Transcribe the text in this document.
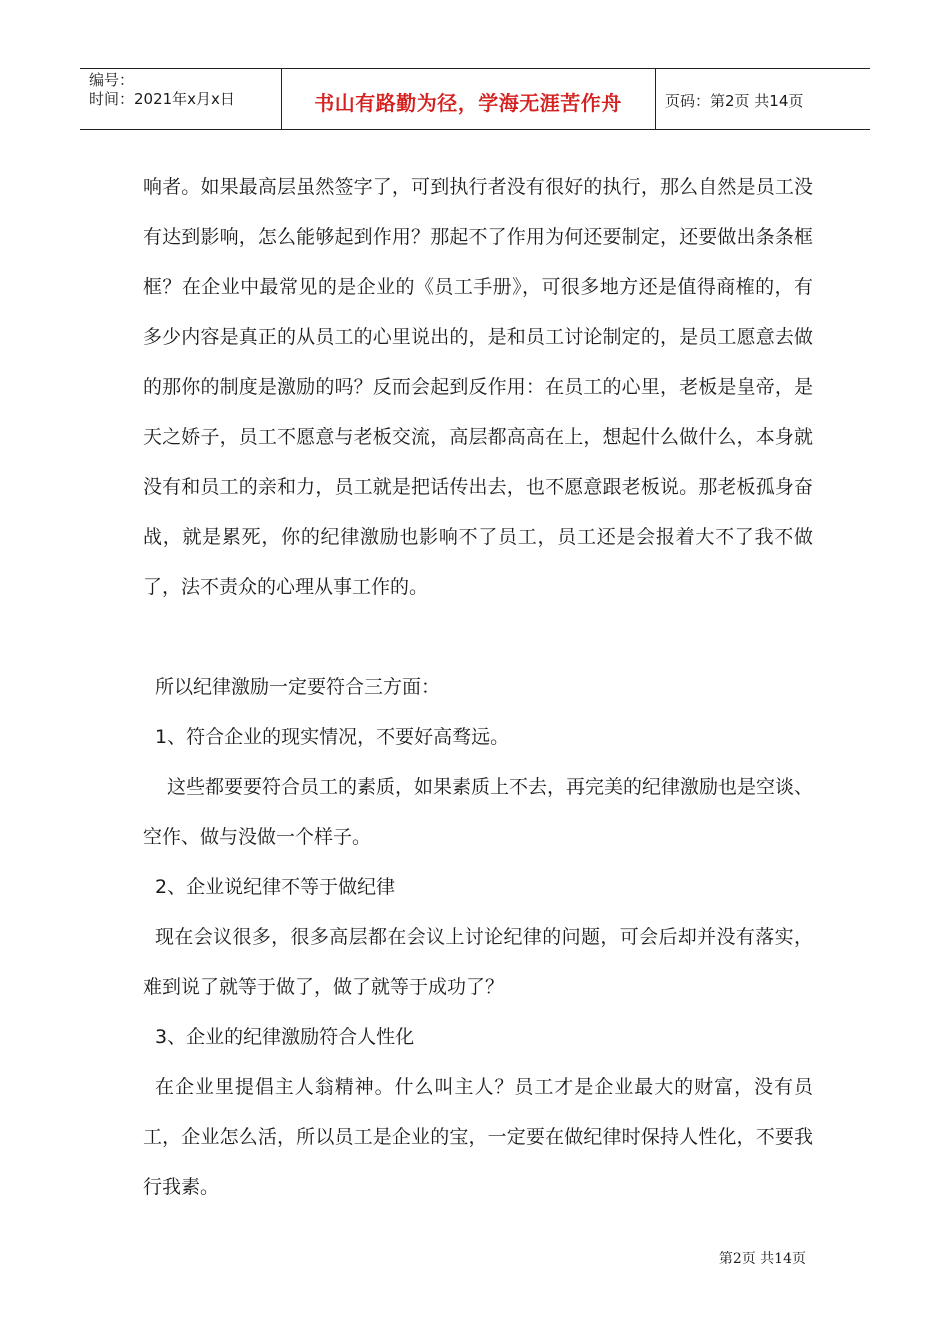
编号：
时间：2021年x月x日	书山有路勤为径，学海无涯苦作舟	页码：第2页 共14页

响者。如果最高层虽然签字了，可到执行者没有很好的执行，那么自然是员工没有达到影响，怎么能够起到作用？那起不了作用为何还要制定，还要做出条条框框？在企业中最常见的是企业的《员工手册》，可很多地方还是值得商榷的，有多少内容是真正的从员工的心里说出的，是和员工讨论制定的，是员工愿意去做的那你的制度是激励的吗？反而会起到反作用：在员工的心里，老板是皇帝，是天之娇子，员工不愿意与老板交流，高层都高高在上，想起什么做什么，本身就没有和员工的亲和力，员工就是把话传出去，也不愿意跟老板说。那老板孤身奋战，就是累死，你的纪律激励也影响不了员工，员工还是会报着大不了我不做了，法不责众的心理从事工作的。

所以纪律激励一定要符合三方面：

1、符合企业的现实情况，不要好高骛远。

这些都要要符合员工的素质，如果素质上不去，再完美的纪律激励也是空谈、空作、做与没做一个样子。

2、企业说纪律不等于做纪律

现在会议很多，很多高层都在会议上讨论纪律的问题，可会后却并没有落实，难到说了就等于做了，做了就等于成功了？

3、企业的纪律激励符合人性化

在企业里提倡主人翁精神。什么叫主人？员工才是企业最大的财富，没有员工，企业怎么活，所以员工是企业的宝，一定要在做纪律时保持人性化，不要我行我素。

第2页 共14页
